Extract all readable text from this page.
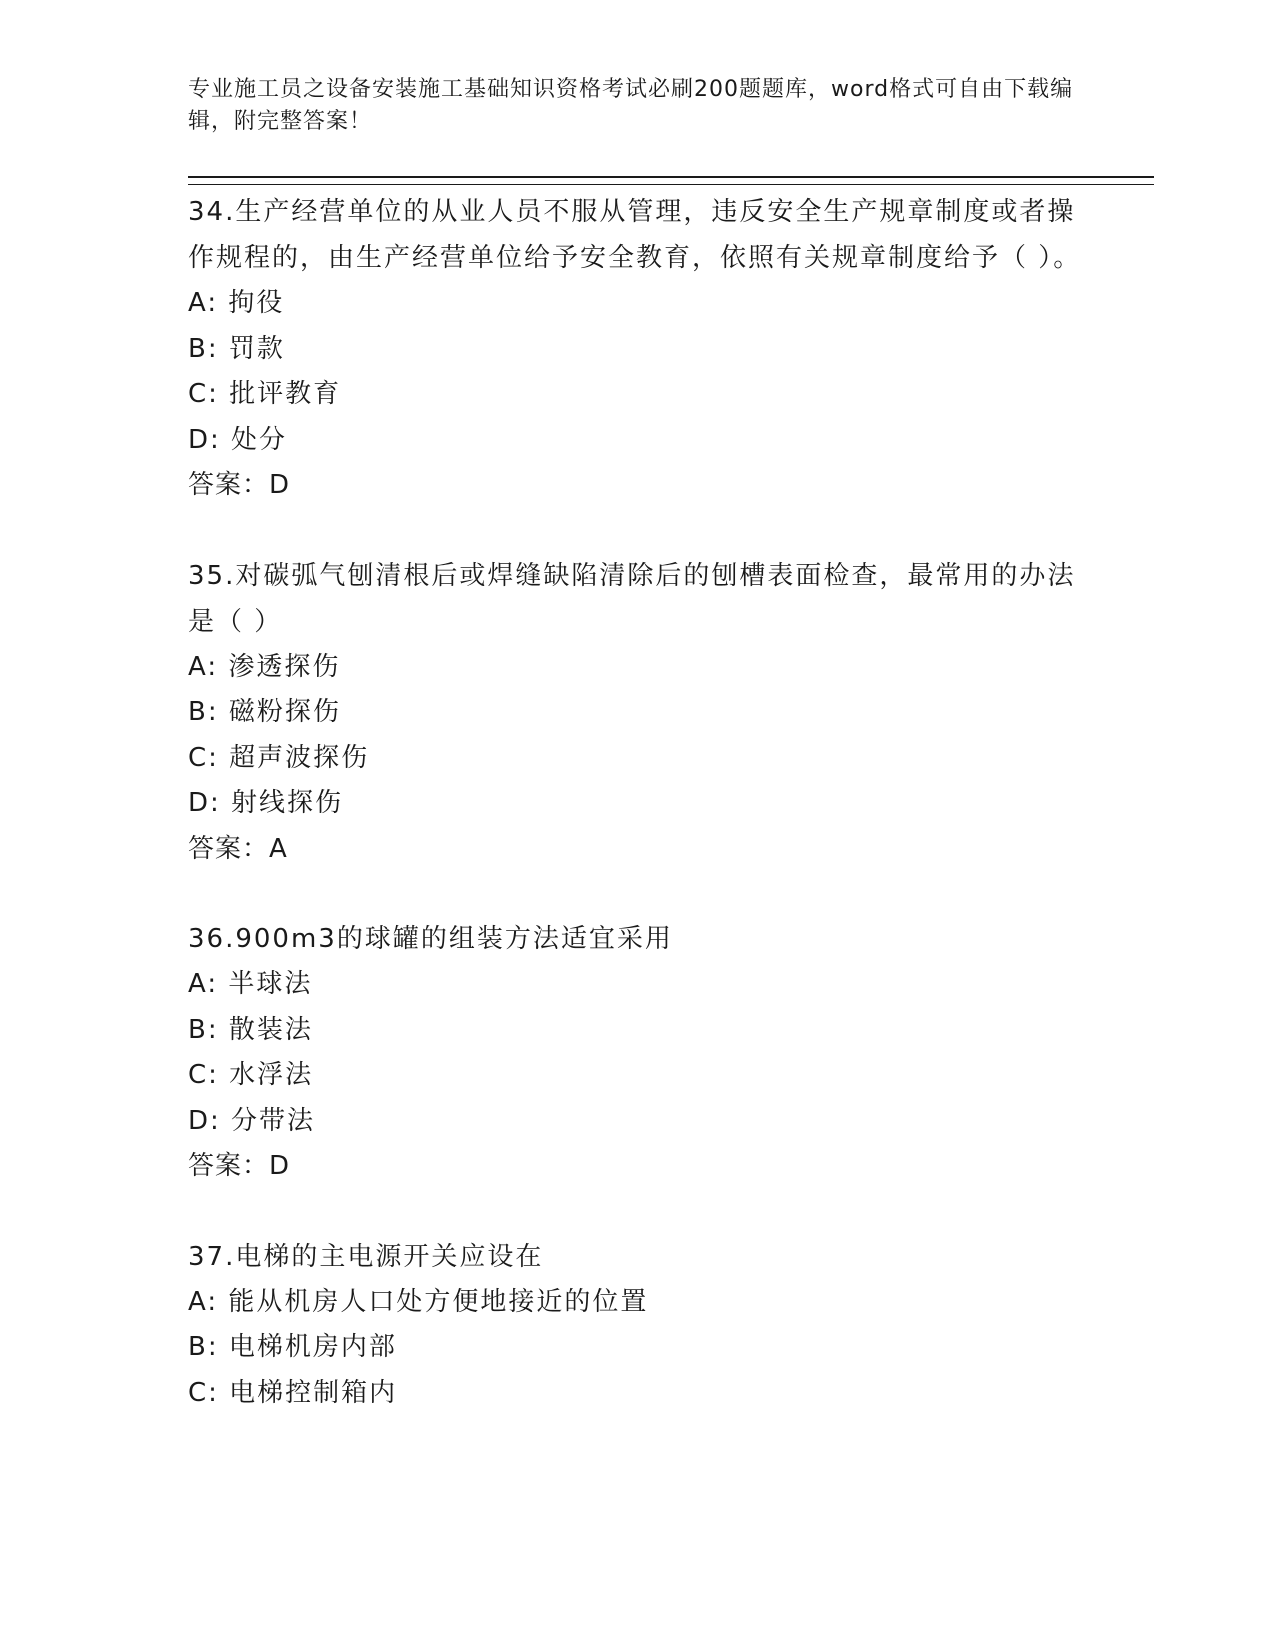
专业施工员之设备安装施工基础知识资格考试必刷200题题库，word格式可自由下载编辑，附完整答案！
34.生产经营单位的从业人员不服从管理，违反安全生产规章制度或者操作规程的，由生产经营单位给予安全教育，依照有关规章制度给予（ ）。
A: 拘役
B: 罚款
C: 批评教育
D: 处分
答案：D
35.对碳弧气刨清根后或焊缝缺陷清除后的刨槽表面检查，最常用的办法是（ ）
A: 渗透探伤
B: 磁粉探伤
C: 超声波探伤
D: 射线探伤
答案：A
36.900m3的球罐的组装方法适宜采用
A: 半球法
B: 散装法
C: 水浮法
D: 分带法
答案：D
37.电梯的主电源开关应设在
A: 能从机房人口处方便地接近的位置
B: 电梯机房内部
C: 电梯控制箱内
